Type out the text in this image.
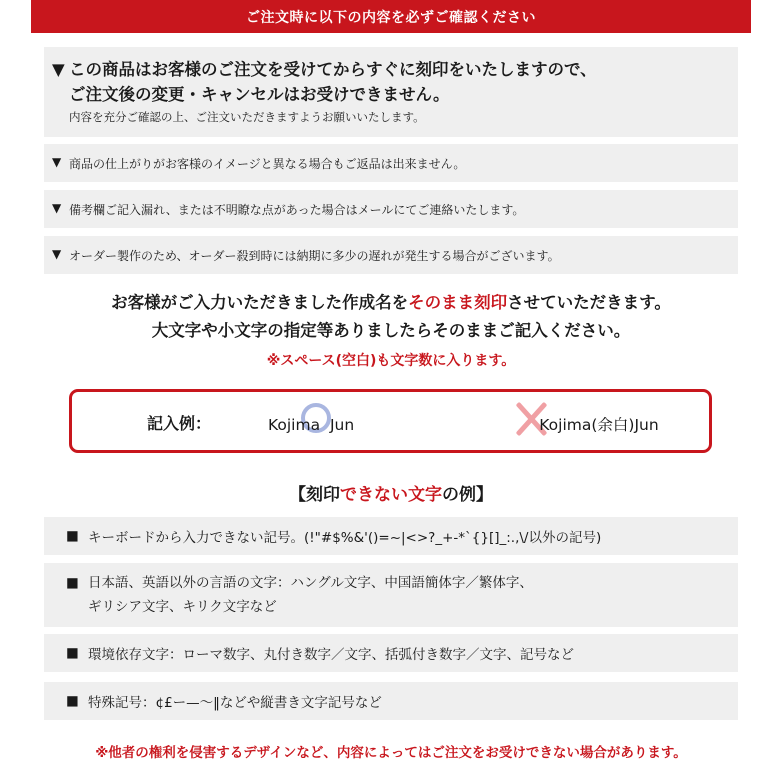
ご注文時に以下の内容を必ずご確認ください
▼ この商品はお客様のご注文を受けてからすぐに刻印をいたしますので、
ご注文後の変更・キャンセルはお受けできません。
内容を充分ご確認の上、ご注文いただきますようお願いいたします。
▼ 商品の仕上がりがお客様のイメージと異なる場合もご返品は出来ません。
▼ 備考欄ご記入漏れ、または不明瞭な点があった場合はメールにてご連絡いたします。
▼ オーダー製作のため、オーダー殺到時には納期に多少の遅れが発生する場合がございます。
お客様がご入力いただきました作成名をそのまま刻印させていただきます。
大文字や小文字の指定等ありましたらそのままご記入ください。
※スペース(空白)も文字数に入ります。
記入例：	Kojima  Jun	Kojima(余白)Jun
【刻印できない文字の例】
■ キーボードから入力できない記号。(!"#$%&'()=~|<>?_+-*`{}[]_:.,\/以外の記号)
■ 日本語、英語以外の言語の文字：ハングル文字、中国語簡体字／繁体字、
ギリシア文字、キリク文字など
■ 環境依存文字：ローマ数字、丸付き数字／文字、括弧付き数字／文字、記号など
■ 特殊記号：¢£ー—〜‖などや縦書き文字記号など
※他者の権利を侵害するデザインなど、内容によってはご注文をお受けできない場合があります。
